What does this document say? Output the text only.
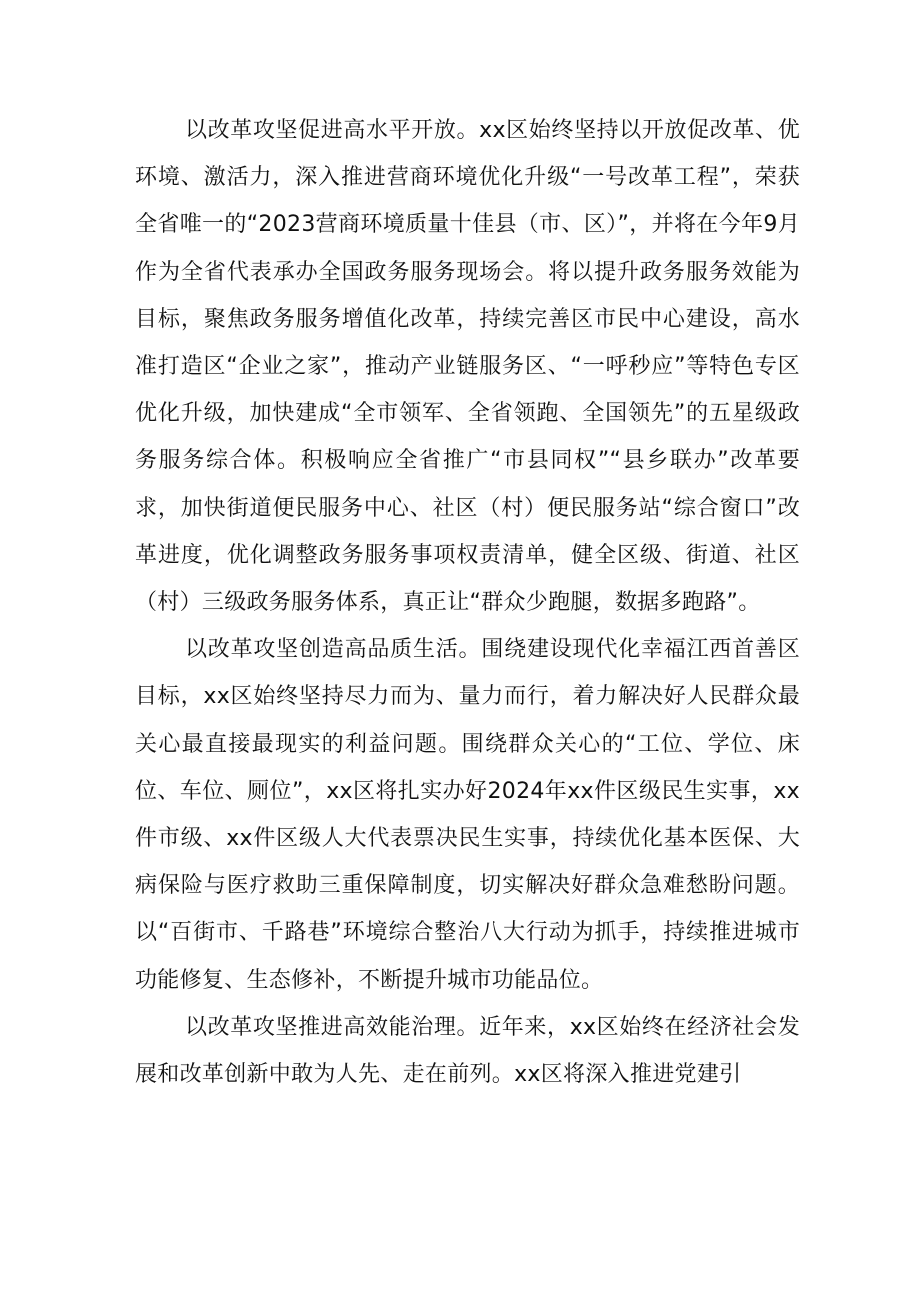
以改革攻坚促进高水平开放。xx区始终坚持以开放促改革、优环境、激活力，深入推进营商环境优化升级“一号改革工程”，荣获全省唯一的“2023营商环境质量十佳县（市、区）”，并将在今年9月作为全省代表承办全国政务服务现场会。将以提升政务服务效能为目标，聚焦政务服务增值化改革，持续完善区市民中心建设，高水准打造区“企业之家”，推动产业链服务区、“一呼秒应”等特色专区优化升级，加快建成“全市领军、全省领跑、全国领先”的五星级政务服务综合体。积极响应全省推广“市县同权”“县乡联办”改革要求，加快街道便民服务中心、社区（村）便民服务站“综合窗口”改革进度，优化调整政务服务事项权责清单，健全区级、街道、社区（村）三级政务服务体系，真正让“群众少跑腿，数据多跑路”。

以改革攻坚创造高品质生活。围绕建设现代化幸福江西首善区目标，xx区始终坚持尽力而为、量力而行，着力解决好人民群众最关心最直接最现实的利益问题。围绕群众关心的“工位、学位、床位、车位、厕位”，xx区将扎实办好2024年xx件区级民生实事，xx件市级、xx件区级人大代表票决民生实事，持续优化基本医保、大病保险与医疗救助三重保障制度，切实解决好群众急难愁盼问题。以“百街市、千路巷”环境综合整治八大行动为抓手，持续推进城市功能修复、生态修补，不断提升城市功能品位。

以改革攻坚推进高效能治理。近年来，xx区始终在经济社会发展和改革创新中敢为人先、走在前列。xx区将深入推进党建引
